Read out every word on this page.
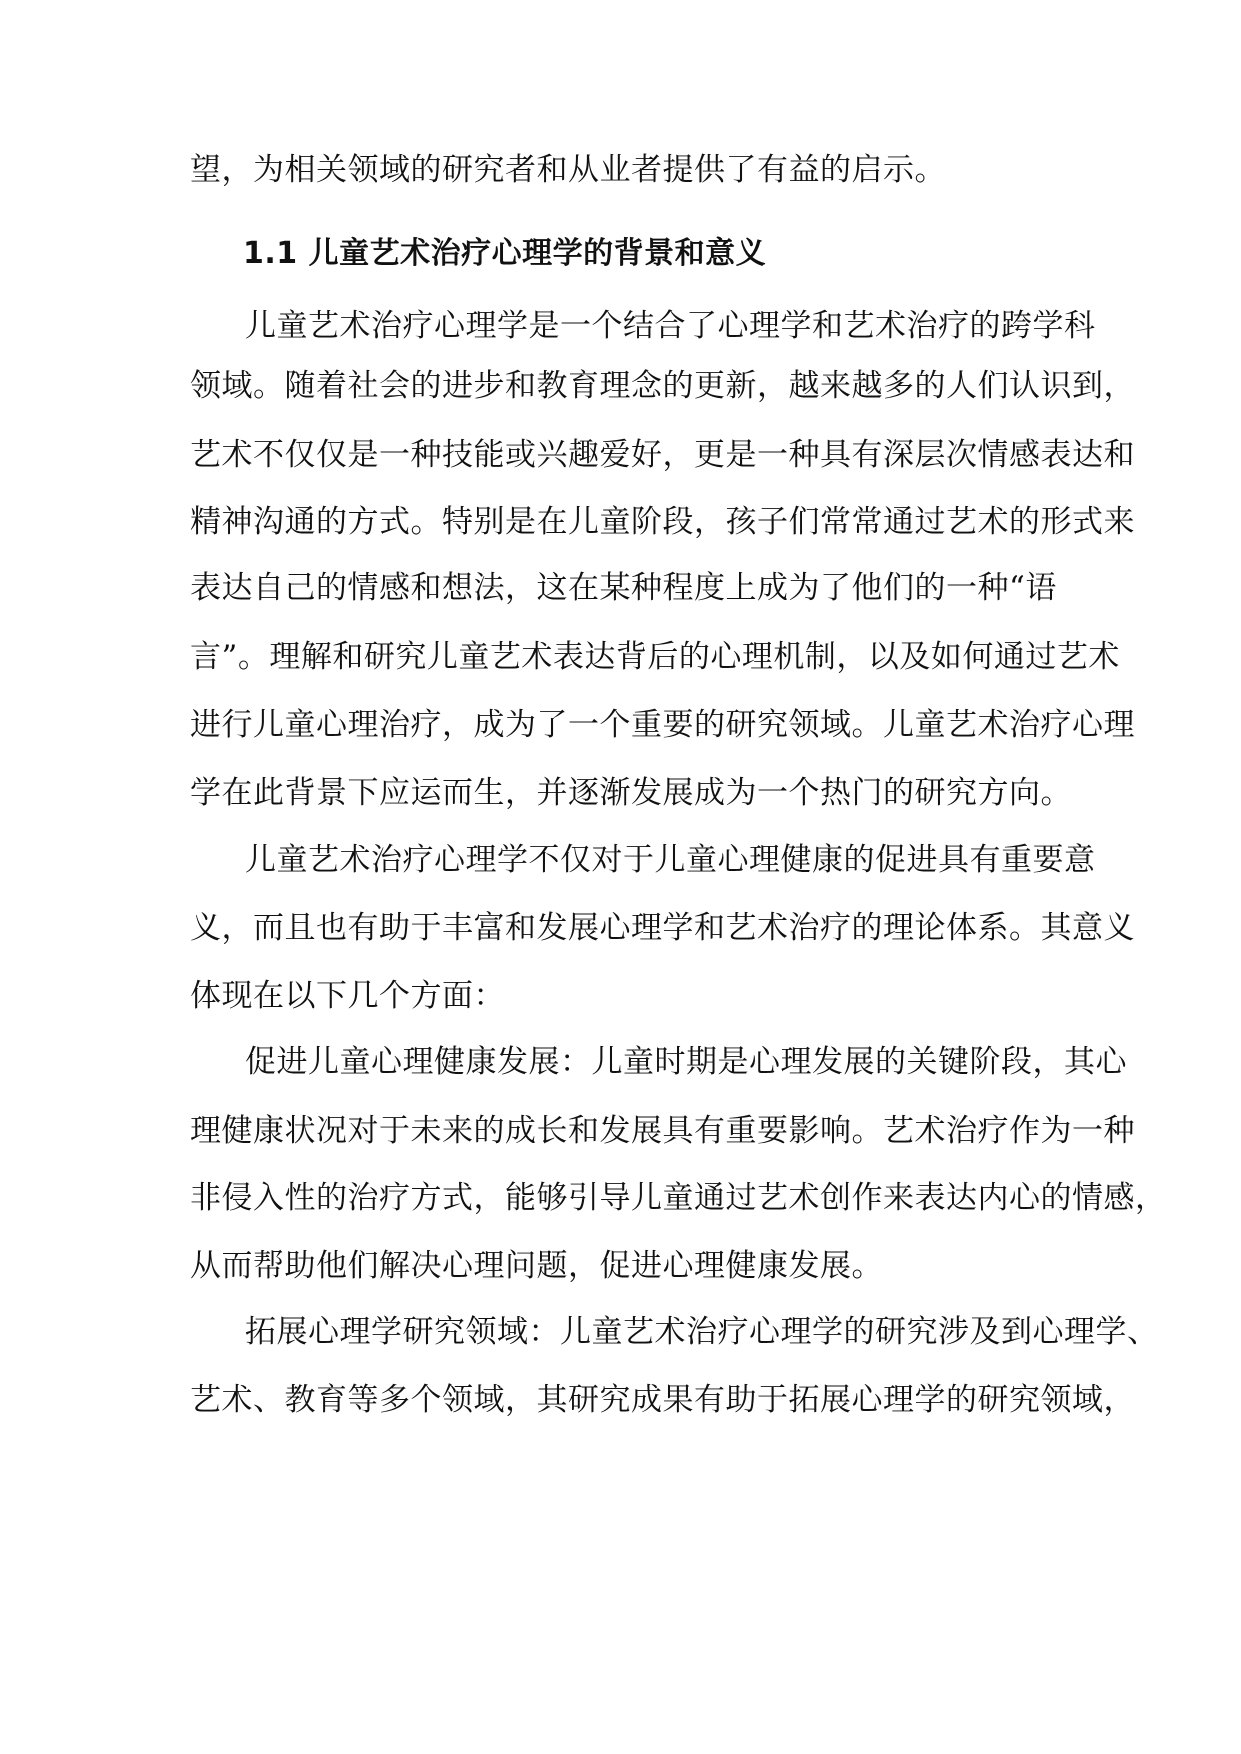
望，为相关领域的研究者和从业者提供了有益的启示。
1.1 儿童艺术治疗心理学的背景和意义
儿童艺术治疗心理学是一个结合了心理学和艺术治疗的跨学科
领域。随着社会的进步和教育理念的更新，越来越多的人们认识到，
艺术不仅仅是一种技能或兴趣爱好，更是一种具有深层次情感表达和
精神沟通的方式。特别是在儿童阶段，孩子们常常通过艺术的形式来
表达自己的情感和想法，这在某种程度上成为了他们的一种“语
言”。理解和研究儿童艺术表达背后的心理机制，以及如何通过艺术
进行儿童心理治疗，成为了一个重要的研究领域。儿童艺术治疗心理
学在此背景下应运而生，并逐渐发展成为一个热门的研究方向。
儿童艺术治疗心理学不仅对于儿童心理健康的促进具有重要意
义，而且也有助于丰富和发展心理学和艺术治疗的理论体系。其意义
体现在以下几个方面：
促进儿童心理健康发展：儿童时期是心理发展的关键阶段，其心
理健康状况对于未来的成长和发展具有重要影响。艺术治疗作为一种
非侵入性的治疗方式，能够引导儿童通过艺术创作来表达内心的情感，
从而帮助他们解决心理问题，促进心理健康发展。
拓展心理学研究领域：儿童艺术治疗心理学的研究涉及到心理学、
艺术、教育等多个领域，其研究成果有助于拓展心理学的研究领域，
